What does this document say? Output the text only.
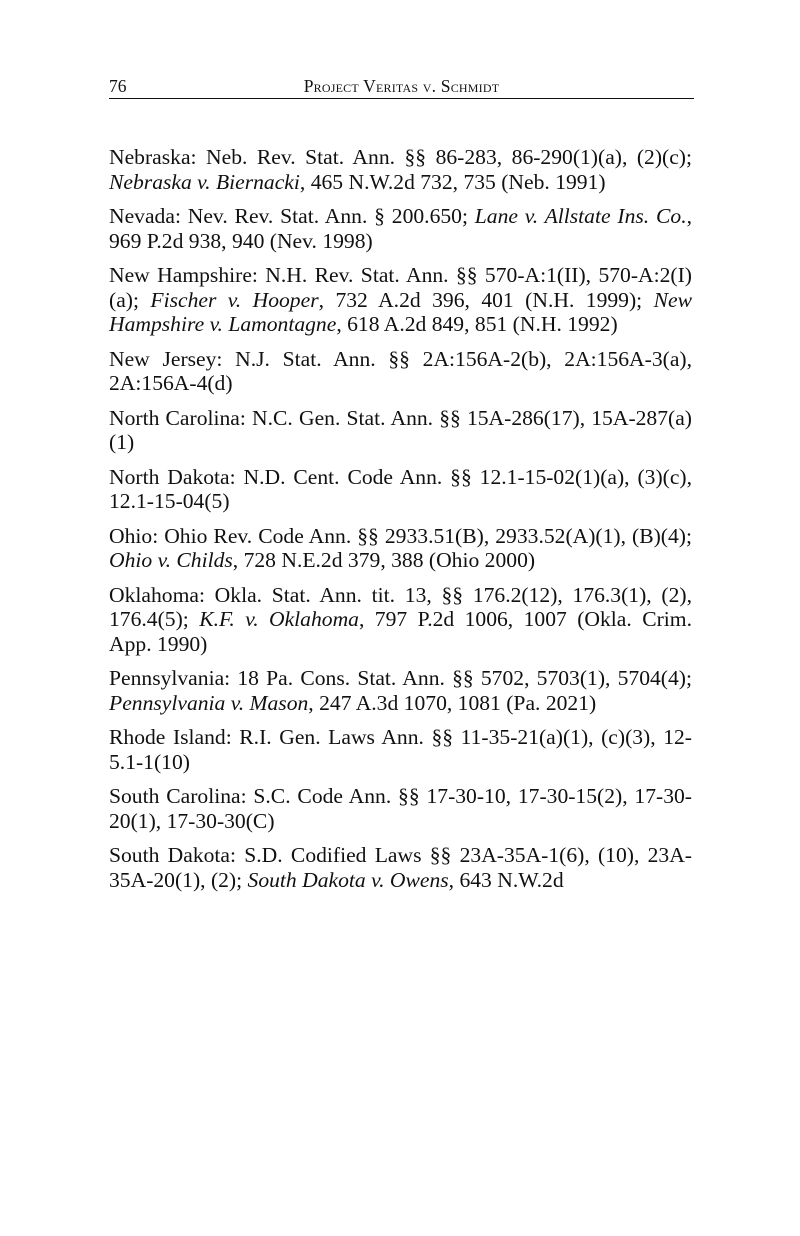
76	Project Veritas v. Schmidt

Nebraska: Neb. Rev. Stat. Ann. §§ 86-283, 86-290(1)(a), (2)(c); Nebraska v. Biernacki, 465 N.W.2d 732, 735 (Neb. 1991)

Nevada: Nev. Rev. Stat. Ann. § 200.650; Lane v. Allstate Ins. Co., 969 P.2d 938, 940 (Nev. 1998)

New Hampshire: N.H. Rev. Stat. Ann. §§ 570-A:1(II), 570-A:2(I)(a); Fischer v. Hooper, 732 A.2d 396, 401 (N.H. 1999); New Hampshire v. Lamontagne, 618 A.2d 849, 851 (N.H. 1992)

New Jersey: N.J. Stat. Ann. §§ 2A:156A-2(b), 2A:156A-3(a), 2A:156A-4(d)

North Carolina: N.C. Gen. Stat. Ann. §§ 15A-286(17), 15A-287(a)(1)

North Dakota: N.D. Cent. Code Ann. §§ 12.1-15-02(1)(a), (3)(c), 12.1-15-04(5)

Ohio: Ohio Rev. Code Ann. §§ 2933.51(B), 2933.52(A)(1), (B)(4); Ohio v. Childs, 728 N.E.2d 379, 388 (Ohio 2000)

Oklahoma: Okla. Stat. Ann. tit. 13, §§ 176.2(12), 176.3(1), (2), 176.4(5); K.F. v. Oklahoma, 797 P.2d 1006, 1007 (Okla. Crim. App. 1990)

Pennsylvania: 18 Pa. Cons. Stat. Ann. §§ 5702, 5703(1), 5704(4); Pennsylvania v. Mason, 247 A.3d 1070, 1081 (Pa. 2021)

Rhode Island: R.I. Gen. Laws Ann. §§ 11-35-21(a)(1), (c)(3), 12-5.1-1(10)

South Carolina: S.C. Code Ann. §§ 17-30-10, 17-30-15(2), 17-30-20(1), 17-30-30(C)

South Dakota: S.D. Codified Laws §§ 23A-35A-1(6), (10), 23A-35A-20(1), (2); South Dakota v. Owens, 643 N.W.2d
